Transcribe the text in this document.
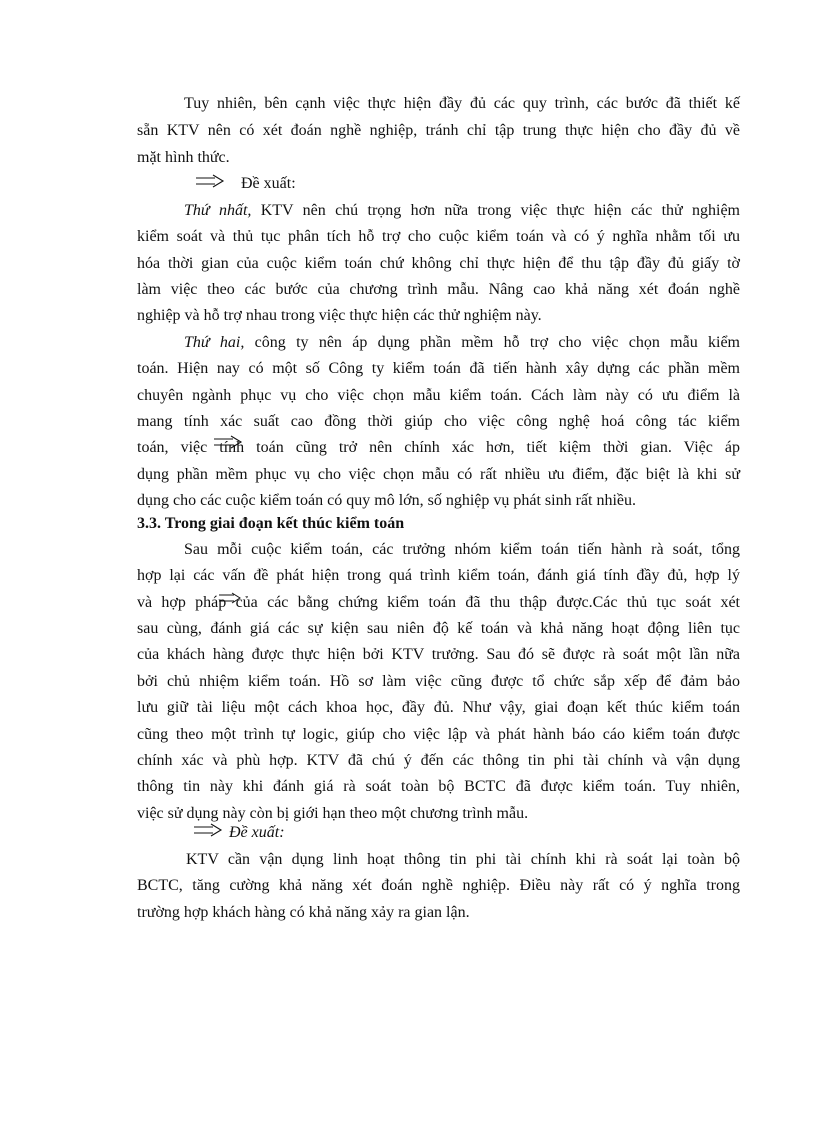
Tuy nhiên, bên cạnh việc thực hiện đầy đủ các quy trình, các bước đã thiết kế
sẵn KTV nên có xét đoán nghề nghiệp, tránh chỉ tập trung thực hiện cho đầy đủ về
mặt hình thức.
Đề xuất:
Thứ nhất, KTV nên chú trọng hơn nữa trong việc thực hiện các thử nghiệm
kiểm soát và thủ tục phân tích hỗ trợ cho cuộc kiểm toán và có ý nghĩa nhằm tối ưu
hóa thời gian của cuộc kiểm toán chứ không chỉ thực hiện để thu tập đầy đủ giấy tờ
làm việc theo các bước của chương trình mẫu. Nâng cao khả năng xét đoán nghề
nghiệp và hỗ trợ nhau trong việc thực hiện các thử nghiệm này.
Thứ hai, công ty nên áp dụng phần mềm hỗ trợ cho việc chọn mẫu kiểm
toán. Hiện nay có một số Công ty kiểm toán đã tiến hành xây dựng các phần mềm
chuyên ngành phục vụ cho việc chọn mẫu kiểm toán. Cách làm này có ưu điểm là
mang tính xác suất cao đồng thời giúp cho việc công nghệ hoá công tác kiểm
toán, việc tính toán cũng trở nên chính xác hơn, tiết kiệm thời gian. Việc áp
dụng phần mềm phục vụ cho việc chọn mẫu có rất nhiều ưu điểm, đặc biệt là khi sử
dụng cho các cuộc kiểm toán có quy mô lớn, số nghiệp vụ phát sinh rất nhiều.
3.3. Trong giai đoạn kết thúc kiểm toán
Sau mỗi cuộc kiểm toán, các trưởng nhóm kiểm toán tiến hành rà soát, tổng
hợp lại các vấn đề phát hiện trong quá trình kiểm toán, đánh giá tính đầy đủ, hợp lý
và hợp pháp của các bằng chứng kiểm toán đã thu thập được.Các thủ tục soát xét
sau cùng, đánh giá các sự kiện sau niên độ kế toán và khả năng hoạt động liên tục
của khách hàng được thực hiện bởi KTV trưởng. Sau đó sẽ được rà soát một lần nữa
bởi chủ nhiệm kiểm toán. Hồ sơ làm việc cũng được tổ chức sắp xếp để đảm bảo
lưu giữ tài liệu một cách khoa học, đầy đủ. Như vậy, giai đoạn kết thúc kiểm toán
cũng theo một trình tự logic, giúp cho việc lập và phát hành báo cáo kiểm toán được
chính xác và phù hợp. KTV đã chú ý đến các thông tin phi tài chính và vận dụng
thông tin này khi đánh giá rà soát toàn bộ BCTC đã được kiểm toán. Tuy nhiên,
việc sử dụng này còn bị giới hạn theo một chương trình mẫu.
Đề xuất:
KTV cần vận dụng linh hoạt thông tin phi tài chính khi rà soát lại toàn bộ
BCTC, tăng cường khả năng xét đoán nghề nghiệp. Điều này rất có ý nghĩa trong
trường hợp khách hàng có khả năng xảy ra gian lận.
